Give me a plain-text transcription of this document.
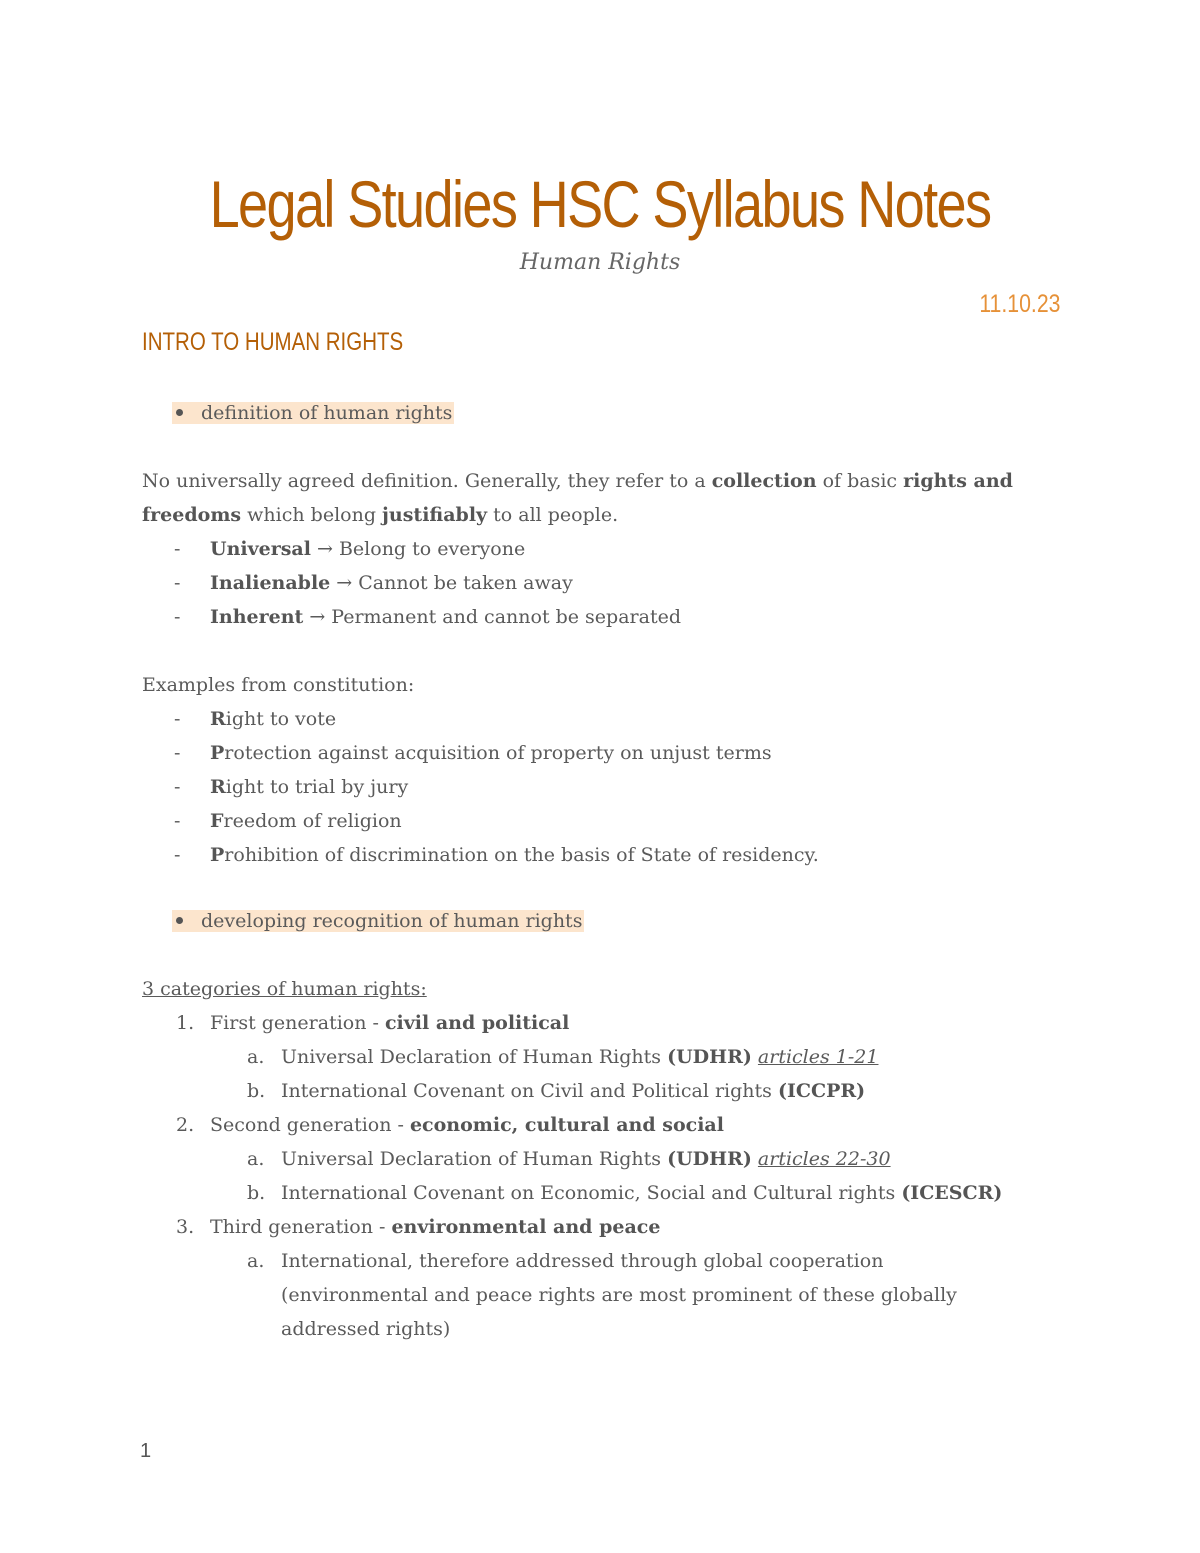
Legal Studies HSC Syllabus Notes
Human Rights
11.10.23
INTRO TO HUMAN RIGHTS
definition of human rights
No universally agreed definition. Generally, they refer to a collection of basic rights and
freedoms which belong justifiably to all people.
- Universal → Belong to everyone
- Inalienable → Cannot be taken away
- Inherent → Permanent and cannot be separated
Examples from constitution:
- Right to vote
- Protection against acquisition of property on unjust terms
- Right to trial by jury
- Freedom of religion
- Prohibition of discrimination on the basis of State of residency.
developing recognition of human rights
3 categories of human rights:
1. First generation - civil and political
a. Universal Declaration of Human Rights (UDHR) articles 1-21
b. International Covenant on Civil and Political rights (ICCPR)
2. Second generation - economic, cultural and social
a. Universal Declaration of Human Rights (UDHR) articles 22-30
b. International Covenant on Economic, Social and Cultural rights (ICESCR)
3. Third generation - environmental and peace
a. International, therefore addressed through global cooperation
(environmental and peace rights are most prominent of these globally
addressed rights)
1
